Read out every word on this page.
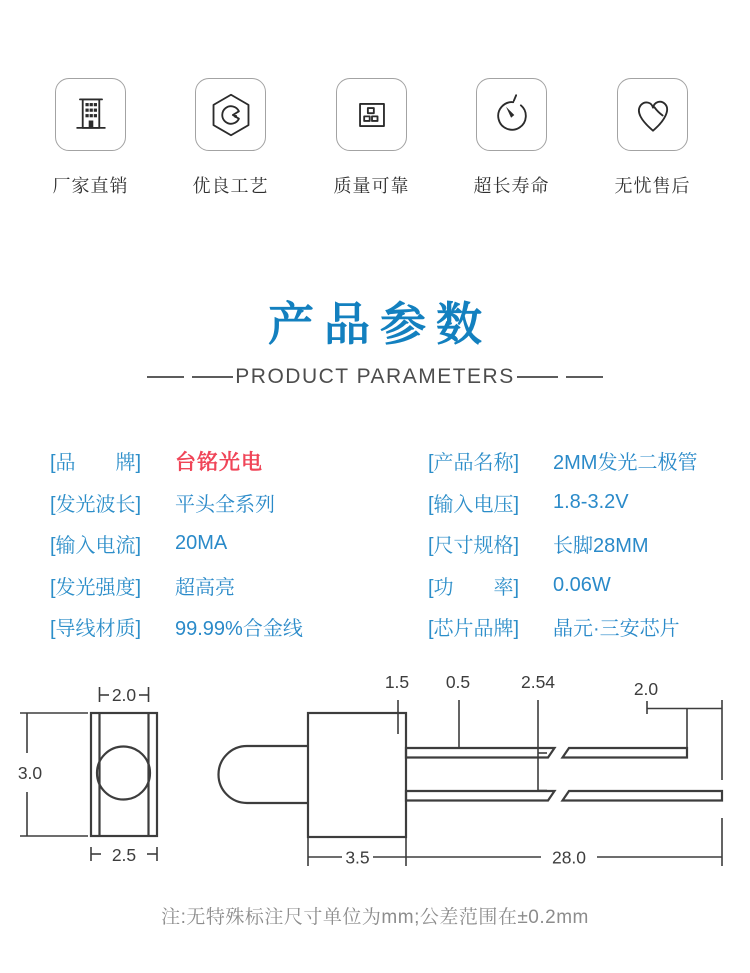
厂家直销	优良工艺	质量可靠	超长寿命	无忧售后
产品参数
PRODUCT PARAMETERS
[品　　牌]	台铭光电
[发光波长]	平头全系列
[输入电流]	20MA
[发光强度]	超高亮
[导线材质]	99.99%合金线
[产品名称]	2MM发光二极管
[输入电压]	1.8-3.2V
[尺寸规格]	长脚28MM
[功　　率]	0.06W
[芯片品牌]	晶元·三安芯片
2.0
2.5
3.0
1.5 0.5	2.54	2.0
3.5	28.0
注:无特殊标注尺寸单位为mm;公差范围在±0.2mm
